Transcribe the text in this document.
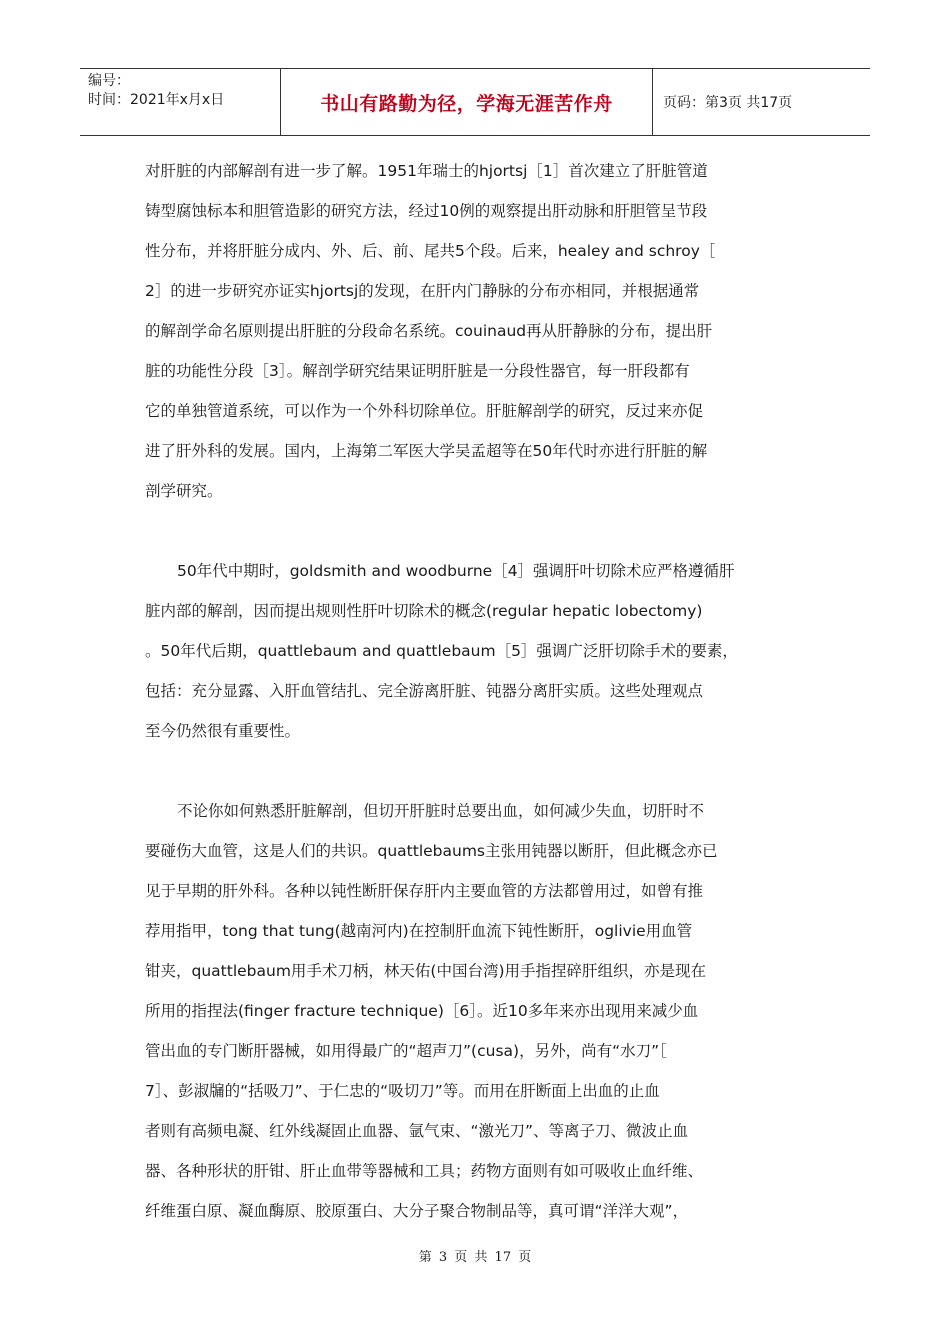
编号：
时间：2021年x月x日	书山有路勤为径，学海无涯苦作舟	页码：第3页 共17页

对肝脏的内部解剖有进一步了解。1951年瑞士的hjortsj［1］首次建立了肝脏管道

铸型腐蚀标本和胆管造影的研究方法，经过10例的观察提出肝动脉和肝胆管呈节段

性分布，并将肝脏分成内、外、后、前、尾共5个段。后来，healey and schroy［

2］的进一步研究亦证实hjortsj的发现，在肝内门静脉的分布亦相同，并根据通常

的解剖学命名原则提出肝脏的分段命名系统。couinaud再从肝静脉的分布，提出肝

脏的功能性分段［3］。解剖学研究结果证明肝脏是一分段性器官，每一肝段都有

它的单独管道系统，可以作为一个外科切除单位。肝脏解剖学的研究，反过来亦促

进了肝外科的发展。国内，上海第二军医大学吴孟超等在50年代时亦进行肝脏的解

剖学研究。

50年代中期时，goldsmith and woodburne［4］强调肝叶切除术应严格遵循肝

脏内部的解剖，因而提出规则性肝叶切除术的概念(regular hepatic lobectomy)

。50年代后期，quattlebaum and quattlebaum［5］强调广泛肝切除手术的要素，

包括：充分显露、入肝血管结扎、完全游离肝脏、钝器分离肝实质。这些处理观点

至今仍然很有重要性。

不论你如何熟悉肝脏解剖，但切开肝脏时总要出血，如何减少失血，切肝时不

要碰伤大血管，这是人们的共识。quattlebaums主张用钝器以断肝，但此概念亦已

见于早期的肝外科。各种以钝性断肝保存肝内主要血管的方法都曾用过，如曾有推

荐用指甲，tong that tung(越南河内)在控制肝血流下钝性断肝，oglivie用血管

钳夹，quattlebaum用手术刀柄，林天佑(中国台湾)用手指捏碎肝组织，亦是现在

所用的指捏法(finger fracture technique)［6］。近10多年来亦出现用来减少血

管出血的专门断肝器械，如用得最广的“超声刀”(cusa)，另外，尚有“水刀”［

7］、彭淑牖的“括吸刀”、于仁忠的“吸切刀”等。而用在肝断面上出血的止血

者则有高频电凝、红外线凝固止血器、氩气束、“激光刀”、等离子刀、微波止血

器、各种形状的肝钳、肝止血带等器械和工具；药物方面则有如可吸收止血纤维、

纤维蛋白原、凝血酶原、胶原蛋白、大分子聚合物制品等，真可谓“洋洋大观”，

第 3 页 共 17 页
